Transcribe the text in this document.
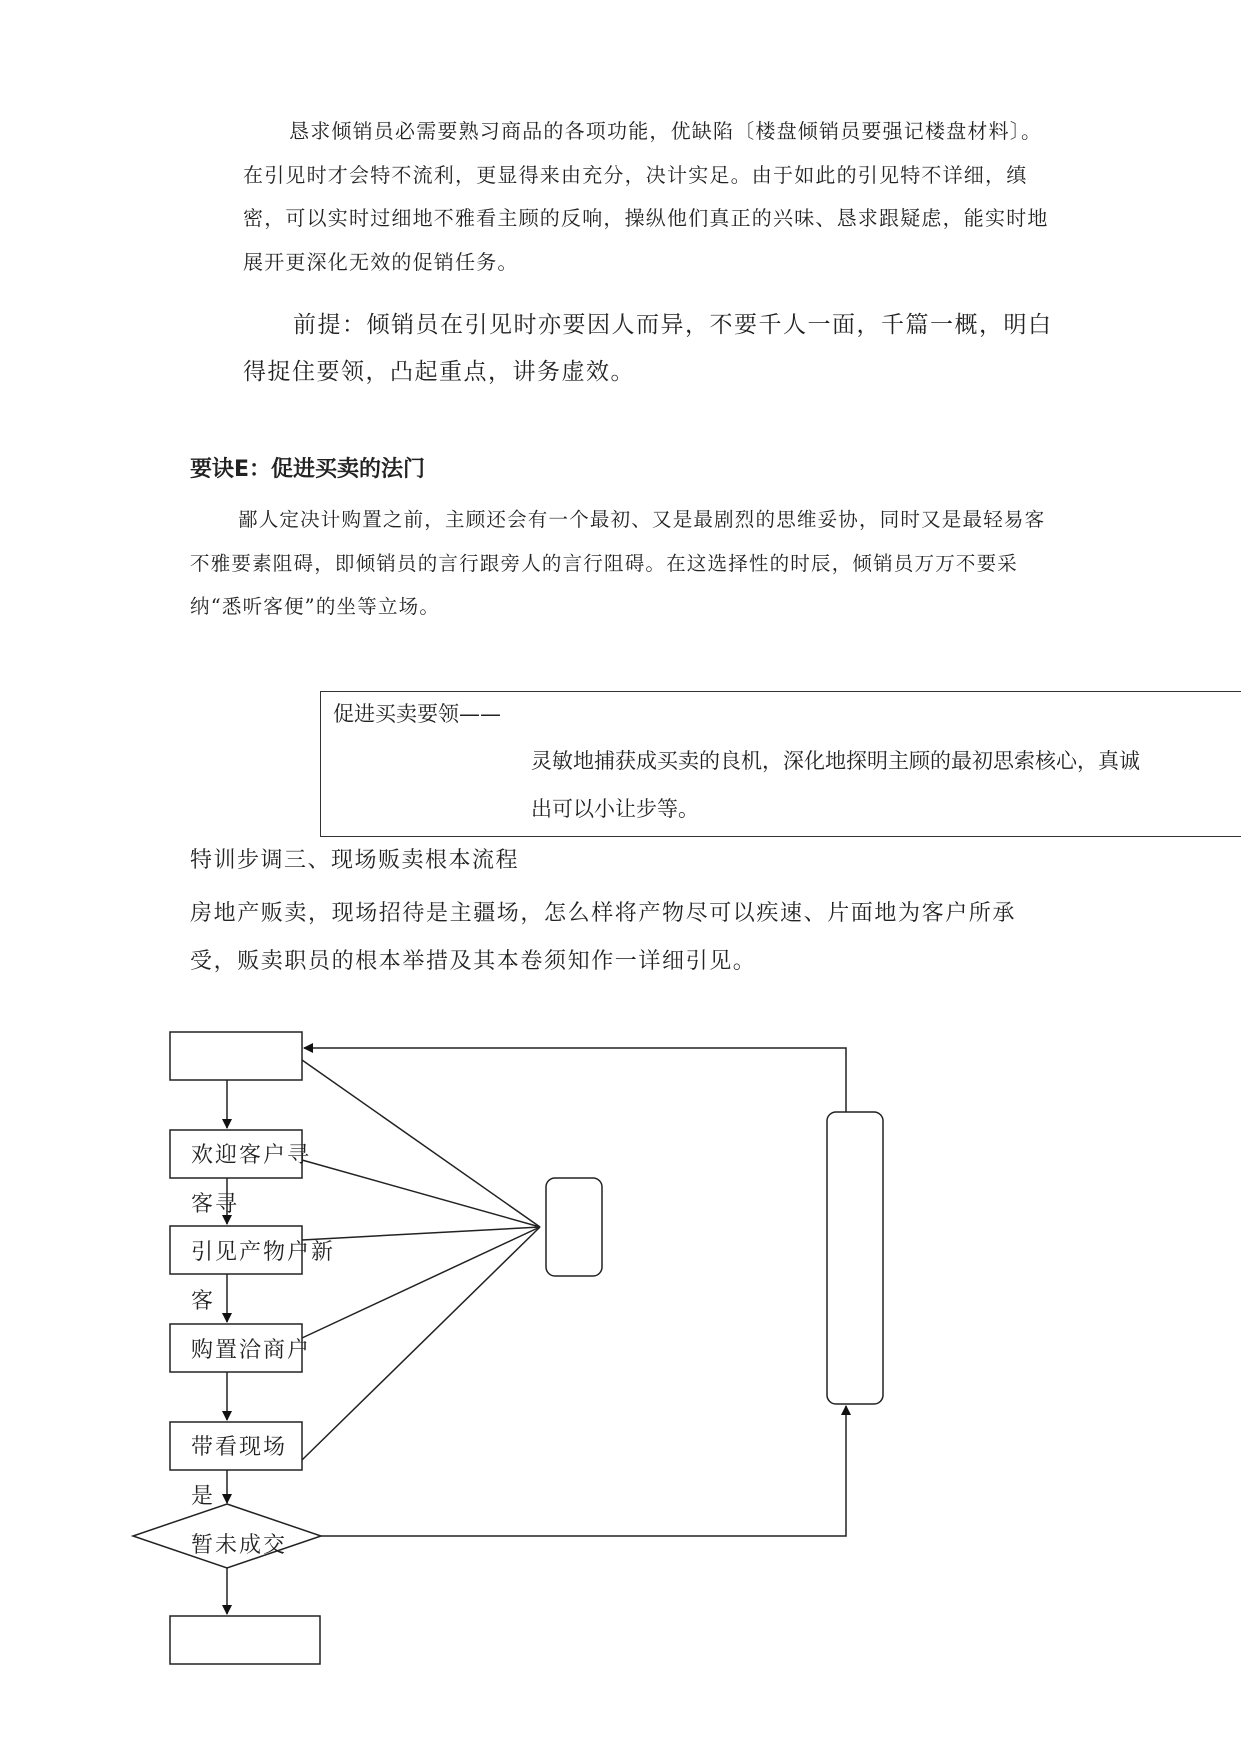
恳求倾销员必需要熟习商品的各项功能，优缺陷〔楼盘倾销员要强记楼盘材料〕。在引见时才会特不流利，更显得来由充分，决计实足。由于如此的引见特不详细，缜密，可以实时过细地不雅看主顾的反响，操纵他们真正的兴味、恳求跟疑虑，能实时地展开更深化无效的促销任务。

前提：倾销员在引见时亦要因人而异，不要千人一面，千篇一概，明白得捉住要领，凸起重点，讲务虚效。

要诀E：促进买卖的法门

鄙人定决计购置之前，主顾还会有一个最初、又是最剧烈的思维妥协，同时又是最轻易客不雅要素阻碍，即倾销员的言行跟旁人的言行阻碍。在这选择性的时辰，倾销员万万不要采纳“悉听客便”的坐等立场。

促进买卖要领——

灵敏地捕获成买卖的良机，深化地探明主顾的最初思索核心，真诚
出可以小让步等。

特训步调三、现场贩卖根本流程

房地产贩卖，现场招待是主疆场，怎么样将产物尽可以疾速、片面地为客户所承受，贩卖职员的根本举措及其本卷须知作一详细引见。

欢迎客户寻

客寻

引见产物户新

客

购置洽商户

带看现场

是

暂未成交
